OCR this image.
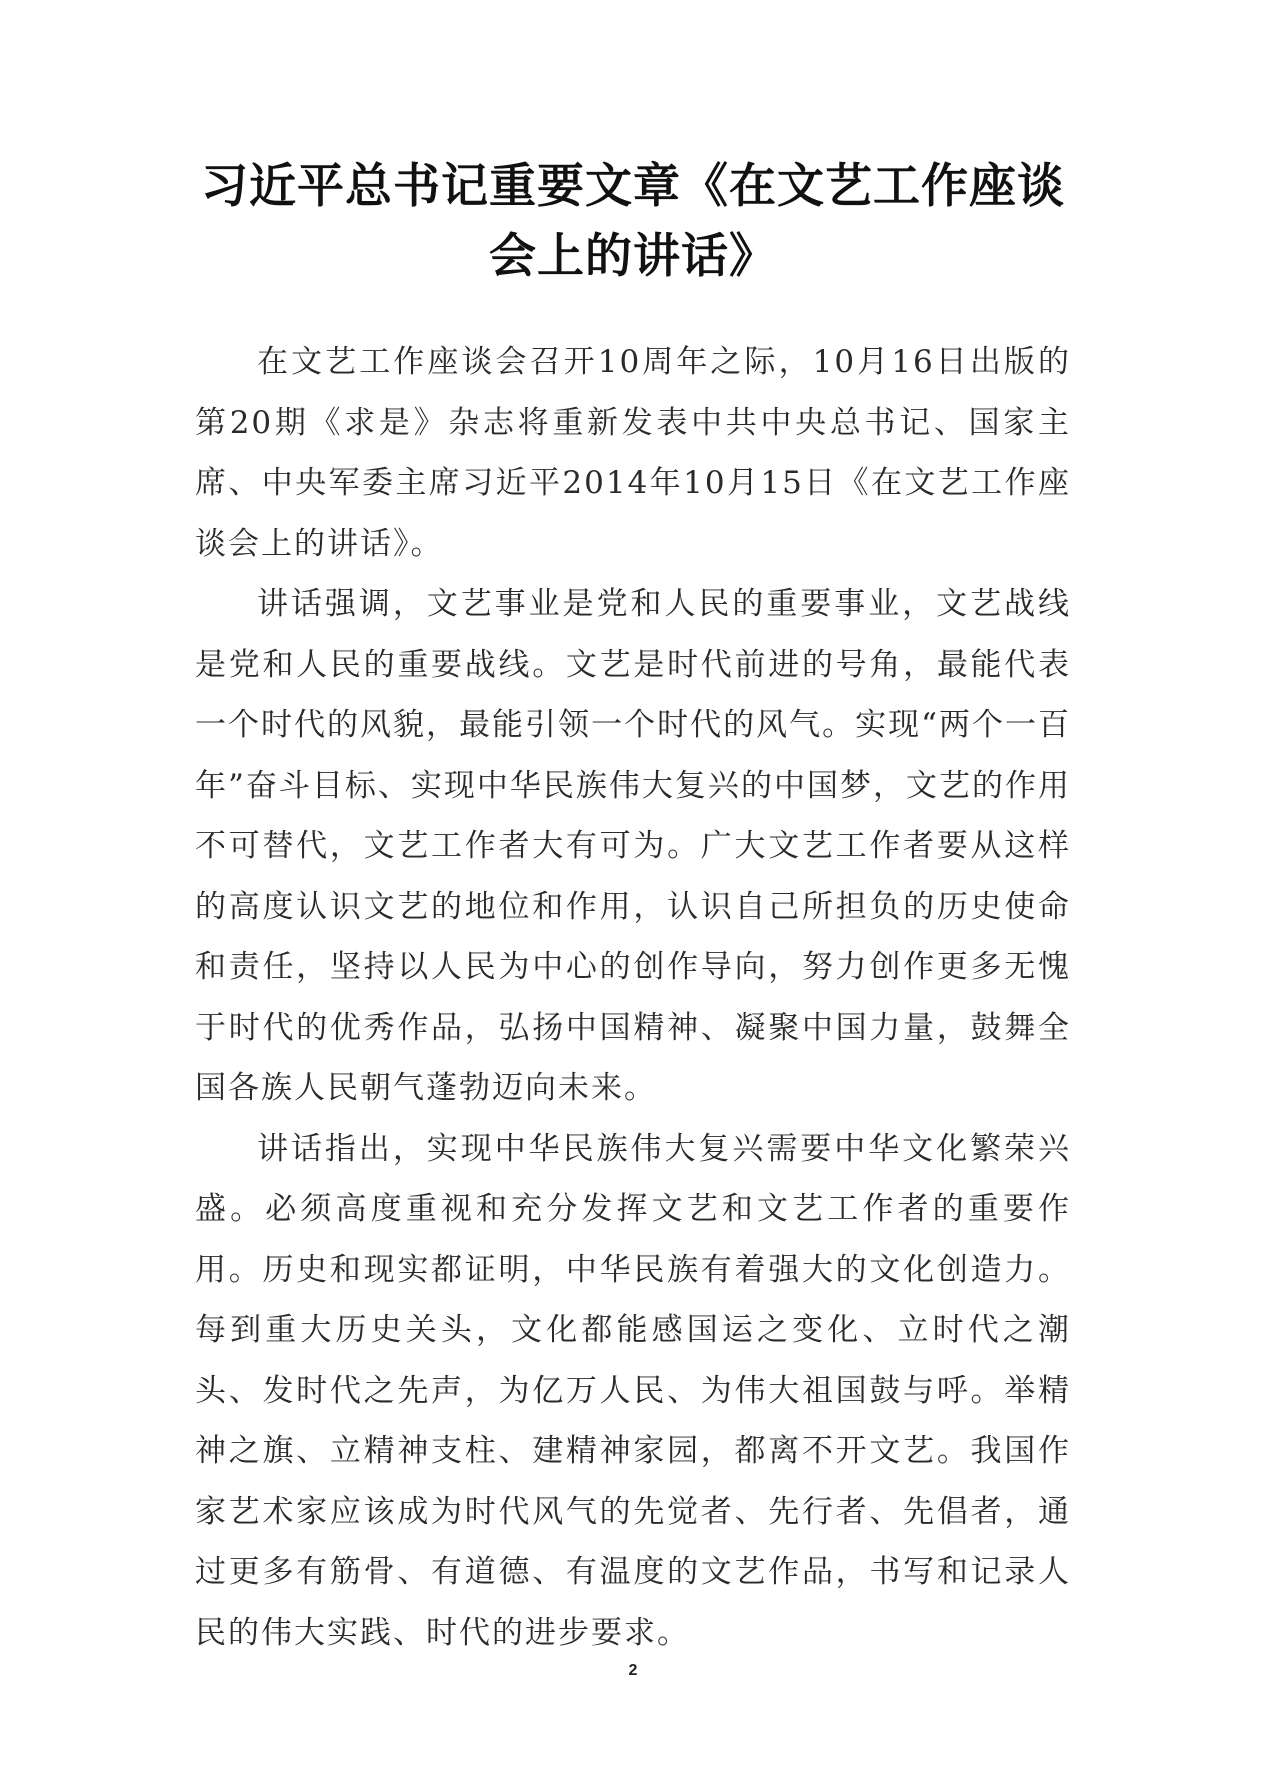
习近平总书记重要文章《在文艺工作座谈会上的讲话》

在文艺工作座谈会召开10周年之际，10月16日出版的第20期《求是》杂志将重新发表中共中央总书记、国家主席、中央军委主席习近平2014年10月15日《在文艺工作座谈会上的讲话》。

讲话强调，文艺事业是党和人民的重要事业，文艺战线是党和人民的重要战线。文艺是时代前进的号角，最能代表一个时代的风貌，最能引领一个时代的风气。实现“两个一百年”奋斗目标、实现中华民族伟大复兴的中国梦，文艺的作用不可替代，文艺工作者大有可为。广大文艺工作者要从这样的高度认识文艺的地位和作用，认识自己所担负的历史使命和责任，坚持以人民为中心的创作导向，努力创作更多无愧于时代的优秀作品，弘扬中国精神、凝聚中国力量，鼓舞全国各族人民朝气蓬勃迈向未来。

讲话指出，实现中华民族伟大复兴需要中华文化繁荣兴盛。必须高度重视和充分发挥文艺和文艺工作者的重要作用。历史和现实都证明，中华民族有着强大的文化创造力。每到重大历史关头，文化都能感国运之变化、立时代之潮头、发时代之先声，为亿万人民、为伟大祖国鼓与呼。举精神之旗、立精神支柱、建精神家园，都离不开文艺。我国作家艺术家应该成为时代风气的先觉者、先行者、先倡者，通过更多有筋骨、有道德、有温度的文艺作品，书写和记录人民的伟大实践、时代的进步要求。

2
